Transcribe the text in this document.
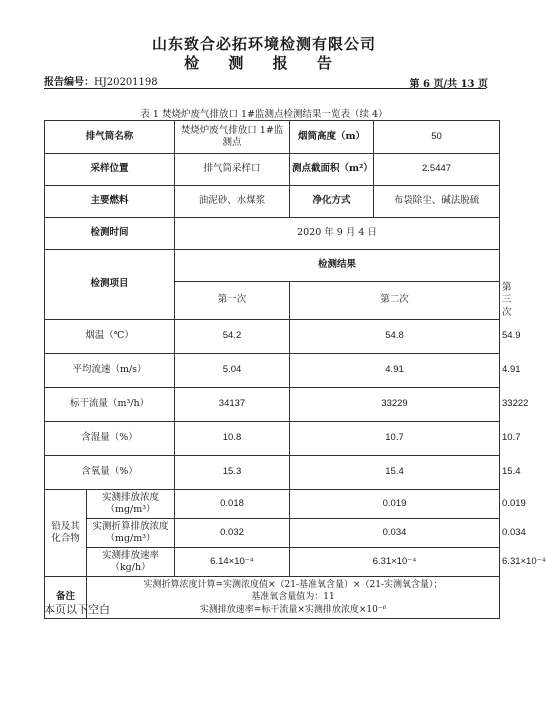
山东致合必拓环境检测有限公司
检 测 报 告
报告编号：HJ20201198	第 6 页/共 13 页
表 1 焚烧炉废气排放口 1#监测点检测结果一览表（续 4）
排气筒名称		焚烧炉废气排放口 1#监测点	烟筒高度（m）	50	
采样位置		排气筒采样口	测点截面积（m²）	2.5447	
主要燃料		油泥砂、水煤浆	净化方式	布袋除尘、碱法脱硫	
检测时间		2020 年 9 月 4 日			
检测项目		检测结果			
		第一次	第二次		第三次
烟温（℃）		54.2	54.8		54.9
平均流速（m/s）		5.04	4.91		4.91
标干流量（m³/h）		34137	33229		33222
含湿量（%）		10.8	10.7		10.7
含氧量（%）		15.3	15.4		15.4
铅及其化合物	实测排放浓度（mg/m³）	0.018	0.019		0.019
	实测折算排放浓度（mg/m³）	0.032	0.034		0.034
	实测排放速率（kg/h）	6.14×10⁻⁴	6.31×10⁻⁴		6.31×10⁻⁴
备注	实测折算浓度计算=实测浓度值×（21-基准氧含量）×（21-实测氧含量）；
基准氧含量值为：11
实测排放速率=标干流量×实测排放浓度×10⁻⁶				
本页以下空白
